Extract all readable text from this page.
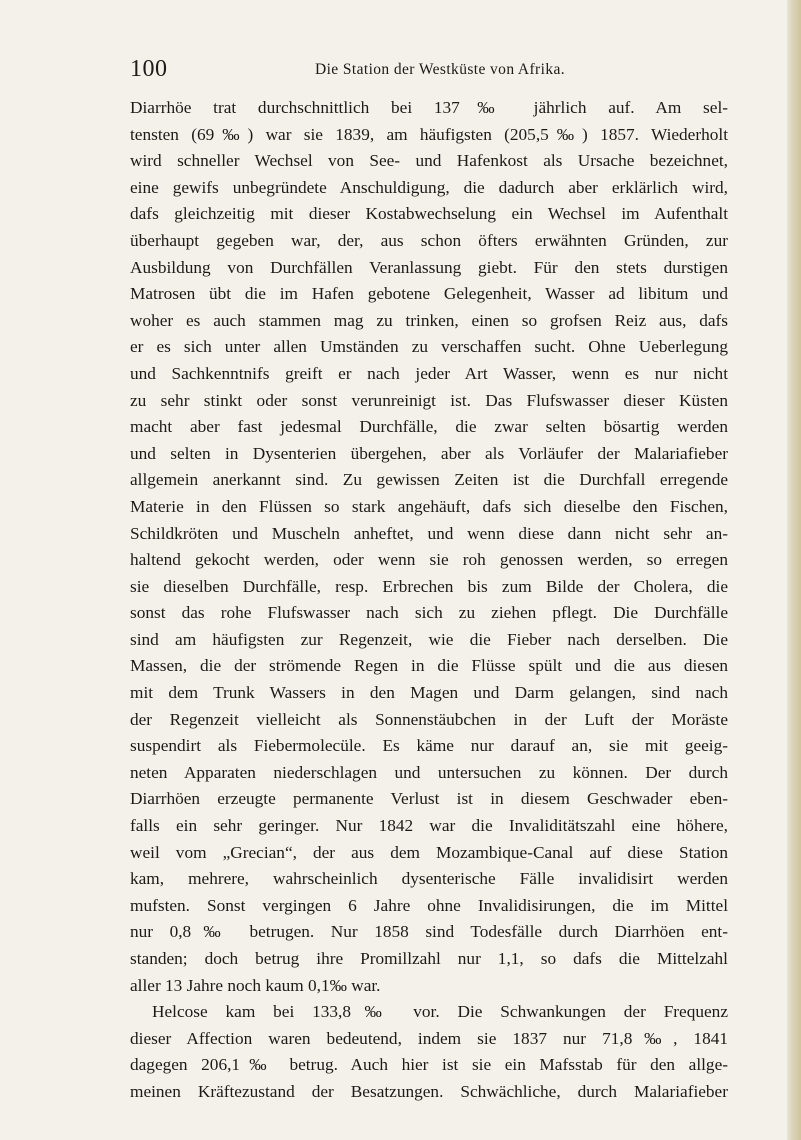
100	Die Station der Westküste von Afrika.
Diarrhöe trat durchschnittlich bei 137‰ jährlich auf. Am sel-
tensten (69‰) war sie 1839, am häufigsten (205,5‰) 1857. Wiederholt
wird schneller Wechsel von See- und Hafenkost als Ursache bezeichnet,
eine gewifs unbegründete Anschuldigung, die dadurch aber erklärlich wird,
dafs gleichzeitig mit dieser Kostabwechselung ein Wechsel im Aufenthalt
überhaupt gegeben war, der, aus schon öfters erwähnten Gründen, zur
Ausbildung von Durchfällen Veranlassung giebt. Für den stets durstigen
Matrosen übt die im Hafen gebotene Gelegenheit, Wasser ad libitum und
woher es auch stammen mag zu trinken, einen so grofsen Reiz aus, dafs
er es sich unter allen Umständen zu verschaffen sucht. Ohne Ueberlegung
und Sachkenntnifs greift er nach jeder Art Wasser, wenn es nur nicht
zu sehr stinkt oder sonst verunreinigt ist. Das Flufswasser dieser Küsten
macht aber fast jedesmal Durchfälle, die zwar selten bösartig werden
und selten in Dysenterien übergehen, aber als Vorläufer der Malariafieber
allgemein anerkannt sind. Zu gewissen Zeiten ist die Durchfall erregende
Materie in den Flüssen so stark angehäuft, dafs sich dieselbe den Fischen,
Schildkröten und Muscheln anheftet, und wenn diese dann nicht sehr an-
haltend gekocht werden, oder wenn sie roh genossen werden, so erregen
sie dieselben Durchfälle, resp. Erbrechen bis zum Bilde der Cholera, die
sonst das rohe Flufswasser nach sich zu ziehen pflegt. Die Durchfälle
sind am häufigsten zur Regenzeit, wie die Fieber nach derselben. Die
Massen, die der strömende Regen in die Flüsse spült und die aus diesen
mit dem Trunk Wassers in den Magen und Darm gelangen, sind nach
der Regenzeit vielleicht als Sonnenstäubchen in der Luft der Moräste
suspendirt als Fiebermolecüle. Es käme nur darauf an, sie mit geeig-
neten Apparaten niederschlagen und untersuchen zu können. Der durch
Diarrhöen erzeugte permanente Verlust ist in diesem Geschwader eben-
falls ein sehr geringer. Nur 1842 war die Invaliditätszahl eine höhere,
weil vom „Grecian“, der aus dem Mozambique-Canal auf diese Station
kam, mehrere, wahrscheinlich dysenterische Fälle invalidisirt werden
mufsten. Sonst vergingen 6 Jahre ohne Invalidisirungen, die im Mittel
nur 0,8‰ betrugen. Nur 1858 sind Todesfälle durch Diarrhöen ent-
standen; doch betrug ihre Promillzahl nur 1,1, so dafs die Mittelzahl
aller 13 Jahre noch kaum 0,1‰ war.
Helcose kam bei 133,8‰ vor. Die Schwankungen der Frequenz
dieser Affection waren bedeutend, indem sie 1837 nur 71,8‰, 1841
dagegen 206,1‰ betrug. Auch hier ist sie ein Mafsstab für den allge-
meinen Kräftezustand der Besatzungen. Schwächliche, durch Malariafieber
